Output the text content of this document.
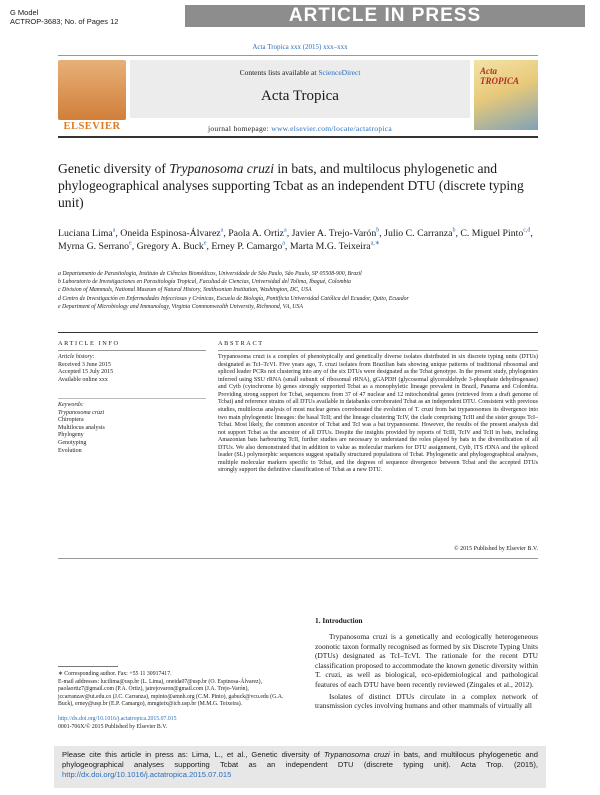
G Model
ACTROP-3683; No. of Pages 12	ARTICLE IN PRESS
Acta Tropica xxx (2015) xxx–xxx
ELSEVIER
Contents lists available at ScienceDirect
Acta Tropica
Acta
TROPICA
journal homepage: www.elsevier.com/locate/actatropica
Genetic diversity of Trypanosoma cruzi in bats, and multilocus phylogenetic and phylogeographical analyses supporting Tcbat as an independent DTU (discrete typing unit)
Luciana Lima$^a$, Oneida Espinosa-Álvarez$^a$, Paola A. Ortiz$^a$, Javier A. Trejo-Varón$^b$, Julio C. Carranza$^b$, C. Miguel Pinto$^{c,d}$, Myrna G. Serrano$^e$, Gregory A. Buck$^e$, Erney P. Camargo$^a$, Marta M.G. Teixeira$^{a,∗}$
a Departamento de Parasitologia, Instituto de Ciências Biomédicas, Universidade de São Paulo, São Paulo, SP 05508-900, Brazil
b Laboratorio de Investigaciones en Parasitología Tropical, Facultad de Ciencias, Universidad del Tolima, Ibagué, Colombia
c Division of Mammals, National Museum of Natural History, Smithsonian Institution, Washington, DC, USA
d Centro de Investigación en Enfermedades Infecciosas y Crónicas, Escuela de Biología, Pontificia Universidad Católica del Ecuador, Quito, Ecuador
e Department of Microbiology and Immunology, Virginia Commonwealth University, Richmond, VA, USA
ARTICLE INFO
Article history:
Received 3 June 2015
Accepted 15 July 2015
Available online xxx
Keywords:
Trypanosoma cruzi
Chiroptera
Multilocus analysis
Phylogeny
Genotyping
Evolution
ABSTRACT
Trypanosoma cruzi is a complex of phenotypically and genetically diverse isolates distributed in six discrete typing units (DTUs) designated as TcI–TcVI. Five years ago, T. cruzi isolates from Brazilian bats showing unique patterns of traditional ribosomal and spliced leader PCRs not clustering into any of the six DTUs were designated as the Tcbat genotype. In the present study, phylogenies inferred using SSU rRNA (small subunit of ribosomal rRNA), gGAPDH (glycosomal glyceraldehyde 3-phosphate dehydrogenase) and Cytb (cytochrome b) genes strongly supported Tcbat as a monophyletic lineage prevalent in Brazil, Panama and Colombia. Providing strong support for Tcbat, sequences from 37 of 47 nuclear and 12 mitochondrial genes (retrieved from a draft genome of Tcbat) and reference strains of all DTUs available in databanks corroborated Tcbat as an independent DTU. Consistent with previous studies, multilocus analysis of most nuclear genes corroborated the evolution of T. cruzi from bat trypanosomes its divergence into two main phylogenetic lineages: the basal TcII; and the lineage clustering TcIV, the clade comprising TcIII and the sister groups TcI–Tcbat. Most likely, the common ancestor of Tcbat and TcI was a bat trypanosome. However, the results of the present analysis did not support Tcbat as the ancestor of all DTUs. Despite the insights provided by reports of TcIII, TcIV and TcII in bats, including Amazonian bats harbouring TcII, further studies are necessary to understand the roles played by bats in the diversification of all DTUs. We also demonstrated that in addition to value as molecular markers for DTU assignment, Cytb, ITS rDNA and the spliced leader (SL) polymorphic sequences suggest spatially structured populations of Tcbat. Phylogenetic and phylogeographical analyses, multiple molecular markers specific to Tcbat, and the degrees of sequence divergence between Tcbat and the accepted DTUs strongly support the definitive classification of Tcbat as a new DTU.
© 2015 Published by Elsevier B.V.
1. Introduction

Trypanosoma cruzi is a genetically and ecologically heterogeneous zoonotic taxon formally recognised as formed by six Discrete Typing Units (DTUs) designated as TcI–TcVI. The rationale for the recent DTU classification proposed to accommodate the known genetic diversity within T. cruzi, as well as biological, eco-epidemiological and pathological features of each DTU have been recently reviewed (Zingales et al., 2012).

Isolates of distinct DTUs circulate in a complex network of transmission cycles involving humans and other mammals of virtually all

∗ Corresponding author. Fax: +55 11 30917417.
E-mail addresses: lucilima@usp.br (L. Lima), oneida07@usp.br (O. Espinosa-Álvarez), paolaortiz7@gmail.com (P.A. Ortiz), jatrejovaron@gmail.com (J.A. Trejo-Varón), jccarranzav@ut.edu.co (J.C. Carranza), mpinto@amnh.org (C.M. Pinto), gabuck@vcu.edu (G.A. Buck), erney@usp.br (E.P. Camargo), mmgteix@icb.usp.br (M.M.G. Teixeira).
http://dx.doi.org/10.1016/j.actatropica.2015.07.015
0001-706X/© 2015 Published by Elsevier B.V.
Please cite this article in press as: Lima, L., et al., Genetic diversity of Trypanosoma cruzi in bats, and multilocus phylogenetic and phylogeographical analyses supporting Tcbat as an independent DTU (discrete typing unit). Acta Trop. (2015), http://dx.doi.org/10.1016/j.actatropica.2015.07.015
